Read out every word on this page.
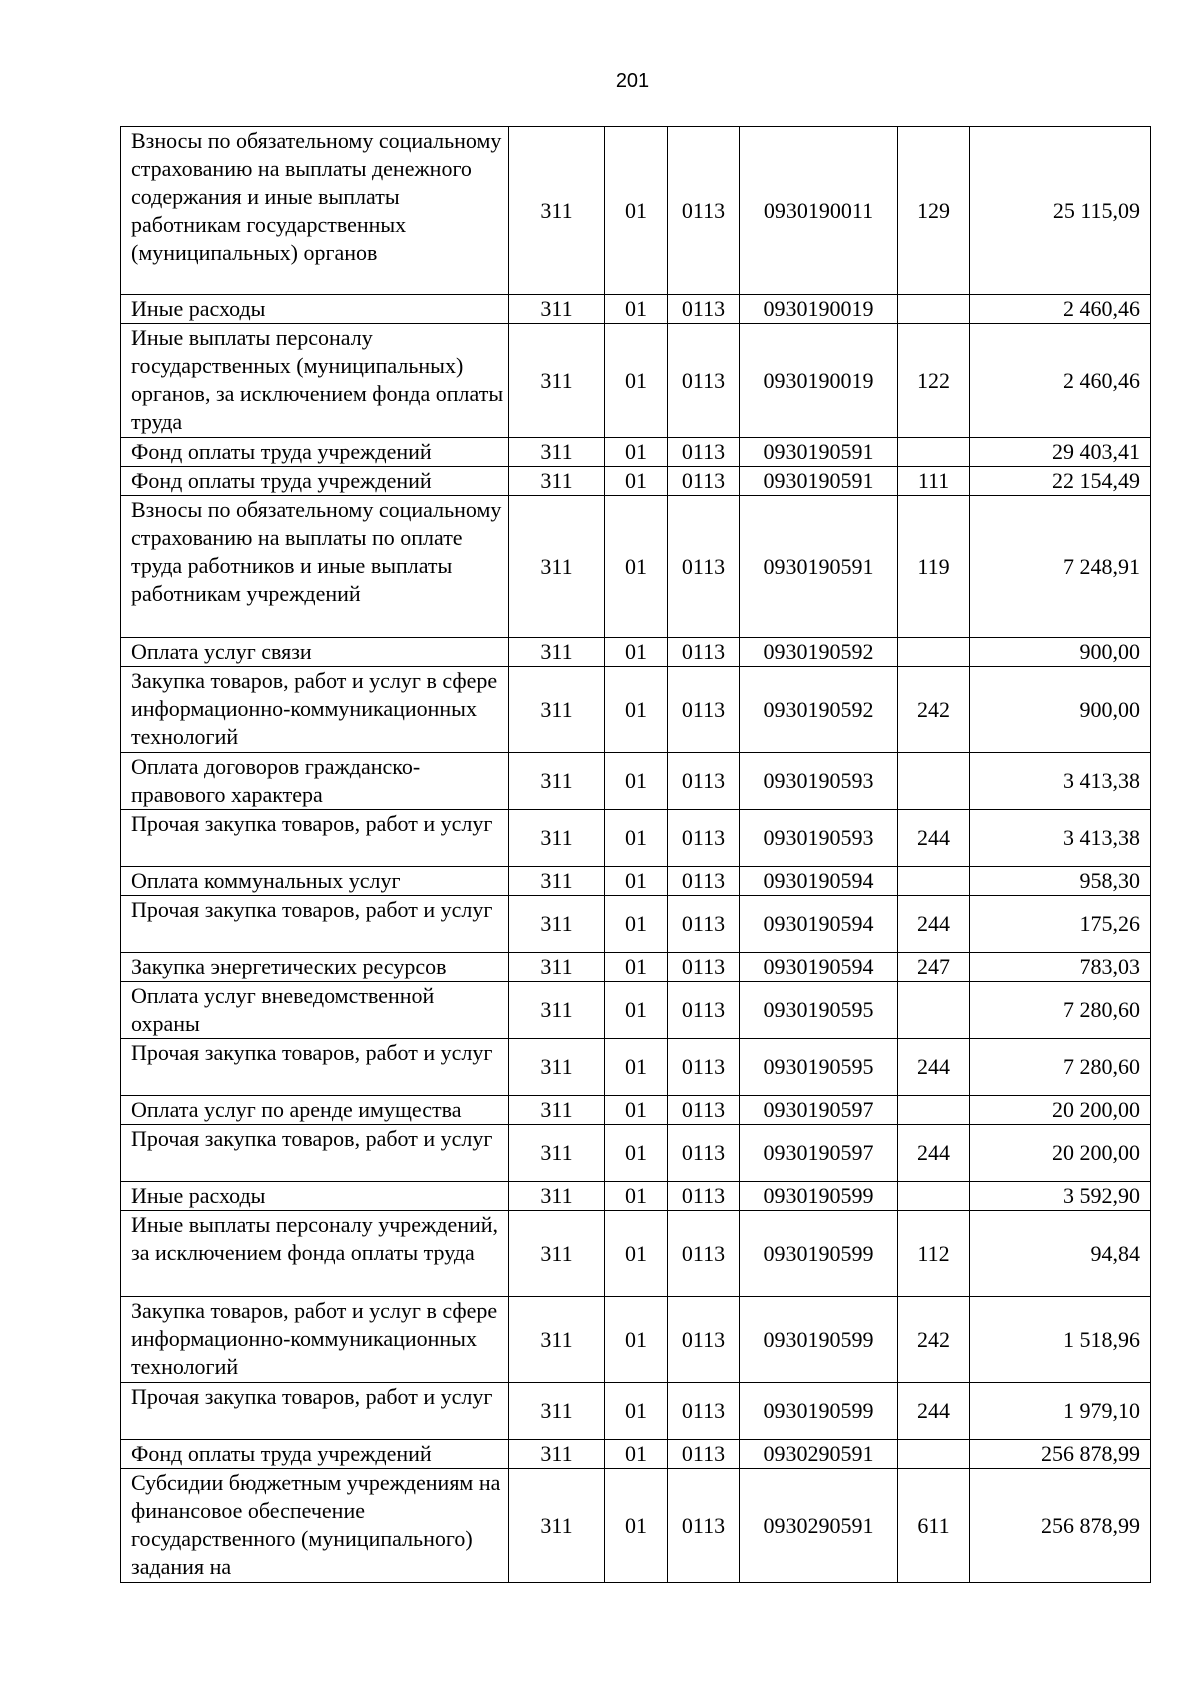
201
Взносы по обязательному социальному страхованию на выплаты денежного содержания и иные выплаты работникам государственных (муниципальных) органов	311	01	0113	0930190011	129	25 115,09
Иные расходы	311	01	0113	0930190019		2 460,46
Иные выплаты персоналу государственных (муниципальных) органов, за исключением фонда оплаты труда	311	01	0113	0930190019	122	2 460,46
Фонд оплаты труда учреждений	311	01	0113	0930190591		29 403,41
Фонд оплаты труда учреждений	311	01	0113	0930190591	111	22 154,49
Взносы по обязательному социальному страхованию на выплаты по оплате труда работников и иные выплаты работникам учреждений	311	01	0113	0930190591	119	7 248,91
Оплата услуг связи	311	01	0113	0930190592		900,00
Закупка товаров, работ и услуг в сфере информационно-коммуникационных технологий	311	01	0113	0930190592	242	900,00
Оплата договоров гражданско-правового характера	311	01	0113	0930190593		3 413,38
Прочая закупка товаров, работ и услуг	311	01	0113	0930190593	244	3 413,38
Оплата коммунальных услуг	311	01	0113	0930190594		958,30
Прочая закупка товаров, работ и услуг	311	01	0113	0930190594	244	175,26
Закупка энергетических ресурсов	311	01	0113	0930190594	247	783,03
Оплата услуг вневедомственной охраны	311	01	0113	0930190595		7 280,60
Прочая закупка товаров, работ и услуг	311	01	0113	0930190595	244	7 280,60
Оплата услуг по аренде имущества	311	01	0113	0930190597		20 200,00
Прочая закупка товаров, работ и услуг	311	01	0113	0930190597	244	20 200,00
Иные расходы	311	01	0113	0930190599		3 592,90
Иные выплаты персоналу учреждений, за исключением фонда оплаты труда	311	01	0113	0930190599	112	94,84
Закупка товаров, работ и услуг в сфере информационно-коммуникационных технологий	311	01	0113	0930190599	242	1 518,96
Прочая закупка товаров, работ и услуг	311	01	0113	0930190599	244	1 979,10
Фонд оплаты труда учреждений	311	01	0113	0930290591		256 878,99
Субсидии бюджетным учреждениям на финансовое обеспечение государственного (муниципального) задания на	311	01	0113	0930290591	611	256 878,99
